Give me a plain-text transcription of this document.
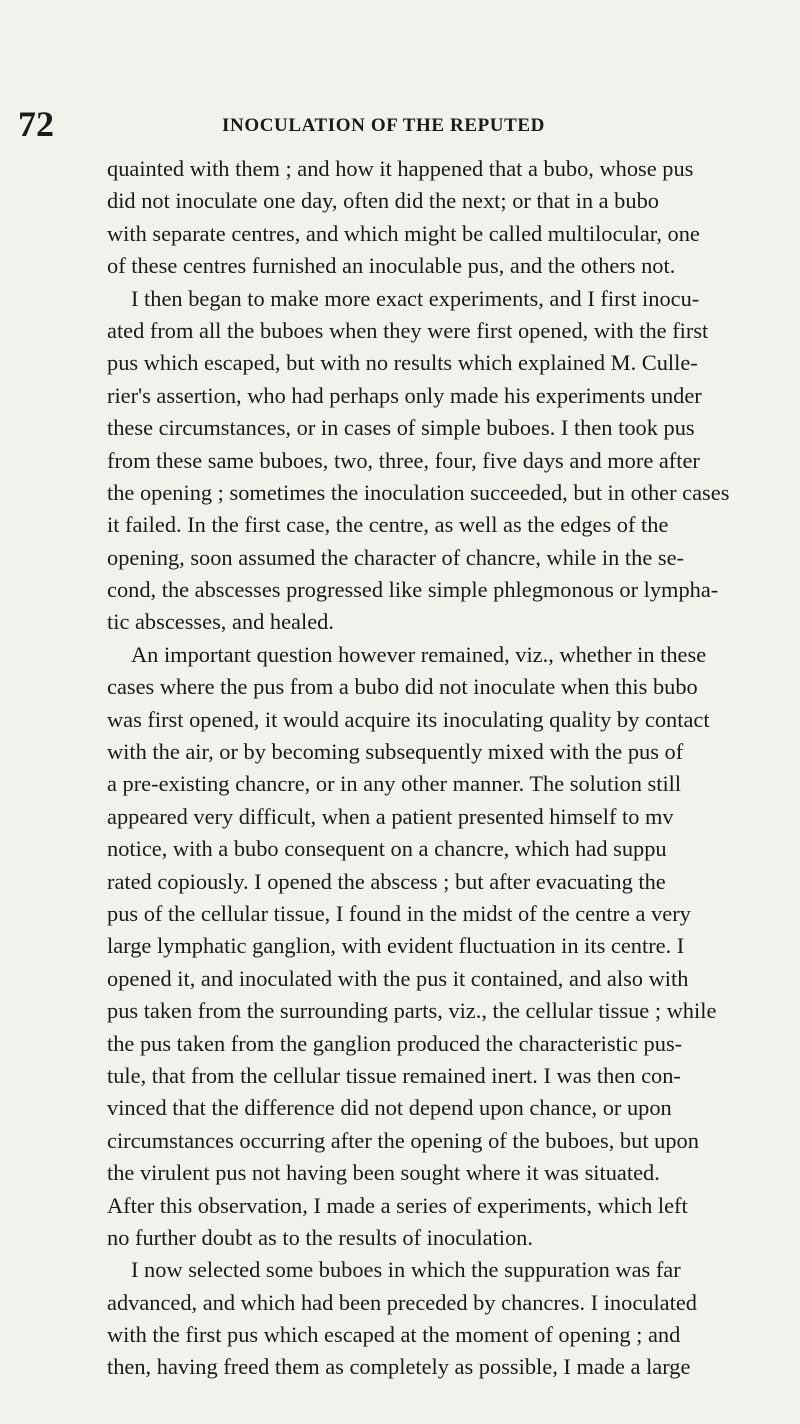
72	INOCULATION OF THE REPUTED
quainted with them ; and how it happened that a bubo, whose pus
did not inoculate one day, often did the next; or that in a bubo
with separate centres, and which might be called multilocular, one
of these centres furnished an inoculable pus, and the others not.
I then began to make more exact experiments, and I first inocu-
ated from all the buboes when they were first opened, with the first
pus which escaped, but with no results which explained M. Culle-
rier's assertion, who had perhaps only made his experiments under
these circumstances, or in cases of simple buboes. I then took pus
from these same buboes, two, three, four, five days and more after
the opening ; sometimes the inoculation succeeded, but in other cases
it failed. In the first case, the centre, as well as the edges of the
opening, soon assumed the character of chancre, while in the se-
cond, the abscesses progressed like simple phlegmonous or lympha-
tic abscesses, and healed.
An important question however remained, viz., whether in these
cases where the pus from a bubo did not inoculate when this bubo
was first opened, it would acquire its inoculating quality by contact
with the air, or by becoming subsequently mixed with the pus of
a pre-existing chancre, or in any other manner. The solution still
appeared very difficult, when a patient presented himself to mv
notice, with a bubo consequent on a chancre, which had suppu
rated copiously. I opened the abscess ; but after evacuating the
pus of the cellular tissue, I found in the midst of the centre a very
large lymphatic ganglion, with evident fluctuation in its centre. I
opened it, and inoculated with the pus it contained, and also with
pus taken from the surrounding parts, viz., the cellular tissue ; while
the pus taken from the ganglion produced the characteristic pus-
tule, that from the cellular tissue remained inert. I was then con-
vinced that the difference did not depend upon chance, or upon
circumstances occurring after the opening of the buboes, but upon
the virulent pus not having been sought where it was situated.
After this observation, I made a series of experiments, which left
no further doubt as to the results of inoculation.
I now selected some buboes in which the suppuration was far
advanced, and which had been preceded by chancres. I inoculated
with the first pus which escaped at the moment of opening ; and
then, having freed them as completely as possible, I made a large
